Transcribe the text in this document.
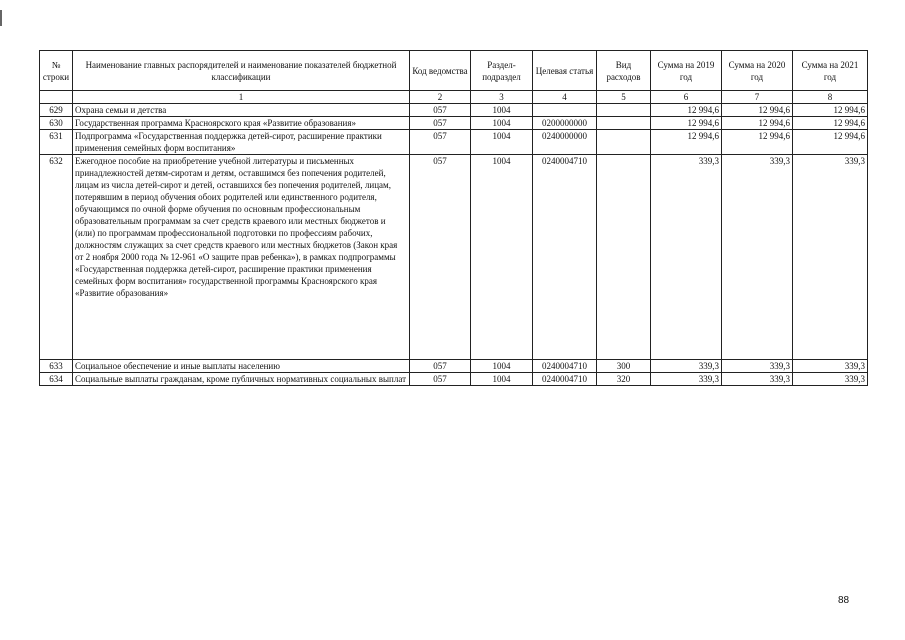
№ строки	Наименование главных распорядителей и наименование показателей бюджетной классификации	Код ведомства	Раздел-подраздел	Целевая статья	Вид расходов	Сумма на 2019 год	Сумма на 2020 год	Сумма на 2021 год
	1	2	3	4	5	6	7	8
629	Охрана семьи и детства	057	1004			12 994,6	12 994,6	12 994,6
630	Государственная программа Красноярского края «Развитие образования»	057	1004	0200000000		12 994,6	12 994,6	12 994,6
631	Подпрограмма «Государственная поддержка детей-сирот, расширение практики применения семейных форм воспитания»	057	1004	0240000000		12 994,6	12 994,6	12 994,6
632	Ежегодное пособие на приобретение учебной литературы и письменных принадлежностей детям-сиротам и детям, оставшимся без попечения родителей, лицам из числа детей-сирот и детей, оставшихся без попечения родителей, лицам, потерявшим в период обучения обоих родителей или единственного родителя, обучающимся по очной форме обучения по основным профессиональным образовательным программам за счет средств краевого или местных бюджетов и (или) по программам профессиональной подготовки по профессиям рабочих, должностям служащих за счет средств краевого или местных бюджетов (Закон края от 2 ноября 2000 года № 12-961 «О защите прав ребенка»), в рамках подпрограммы «Государственная поддержка детей-сирот, расширение практики применения семейных форм воспитания» государственной программы Красноярского края «Развитие образования»	057	1004	0240004710		339,3	339,3	339,3
633	Социальное обеспечение и иные выплаты населению	057	1004	0240004710	300	339,3	339,3	339,3
634	Социальные выплаты гражданам, кроме публичных нормативных социальных выплат	057	1004	0240004710	320	339,3	339,3	339,3
88
